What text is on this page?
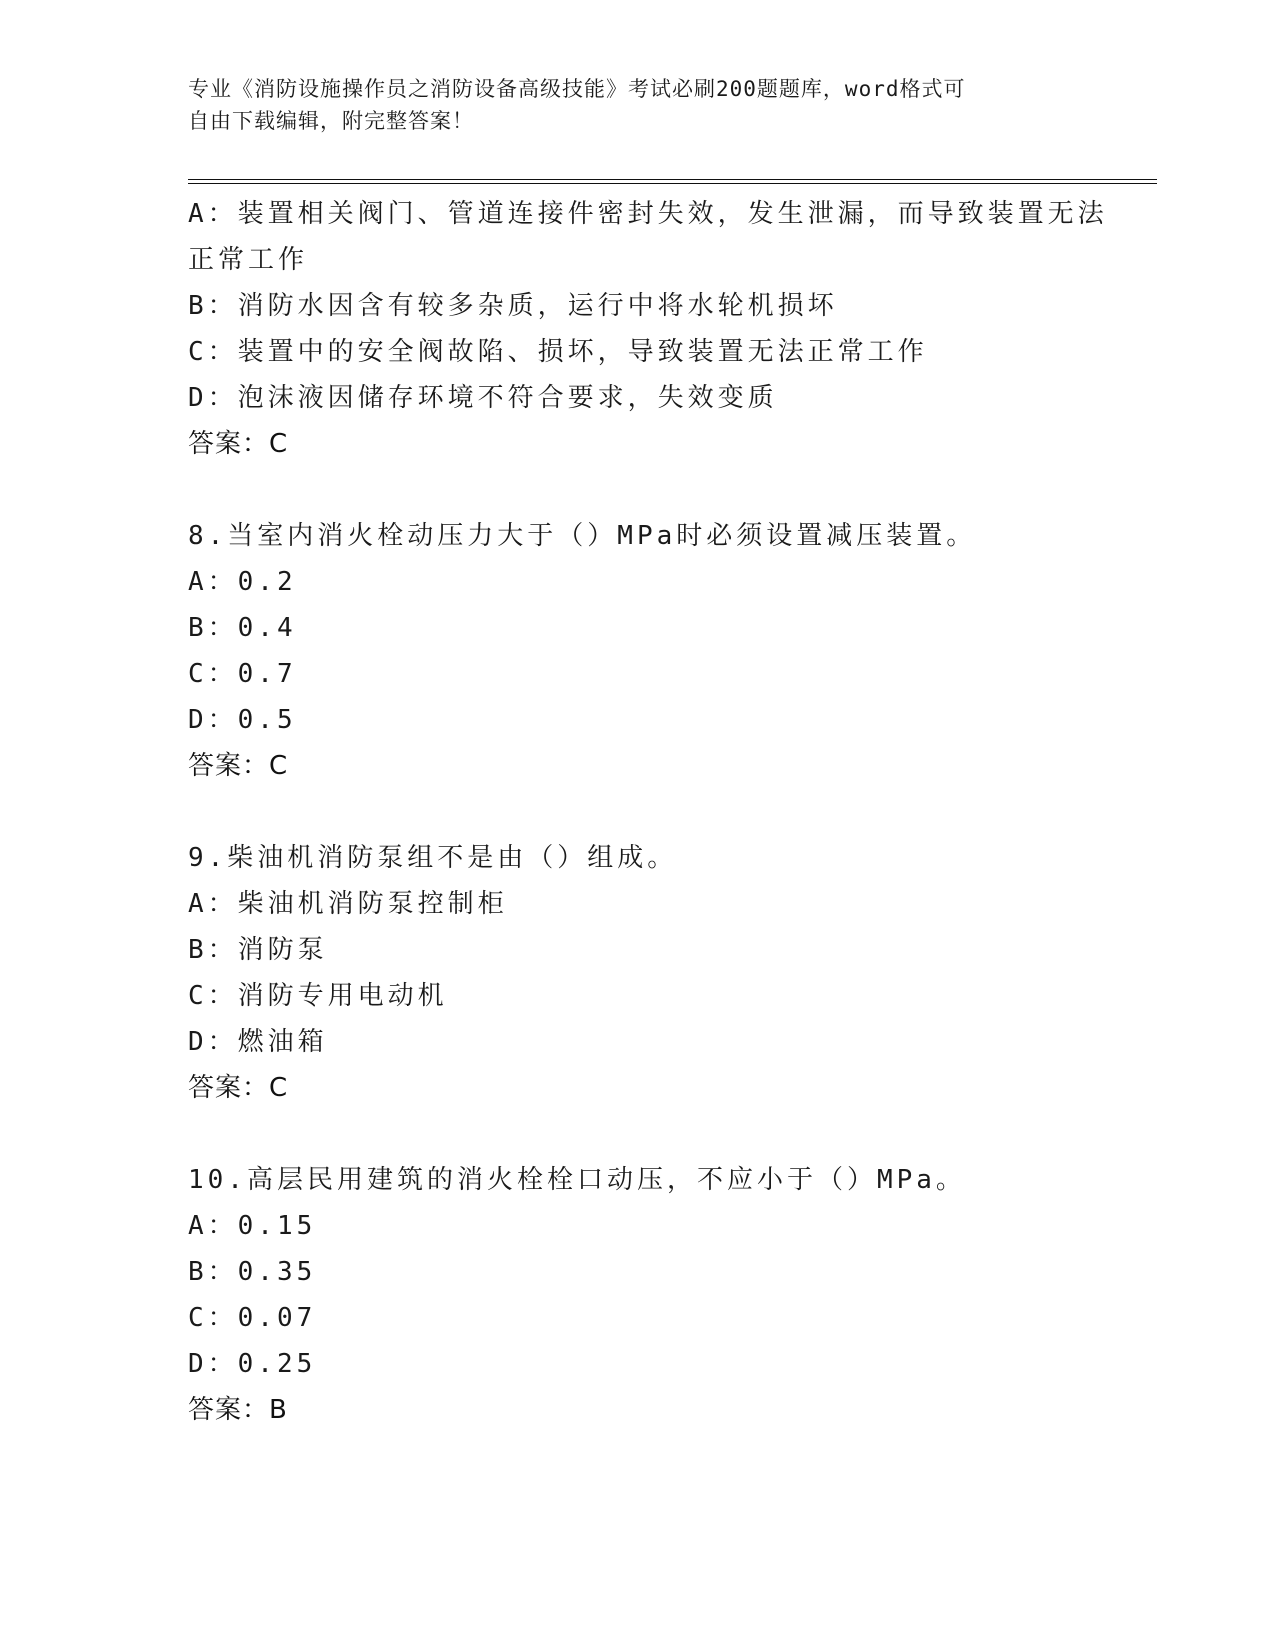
专业《消防设施操作员之消防设备高级技能》考试必刷200题题库，word格式可
自由下载编辑，附完整答案！
A：装置相关阀门、管道连接件密封失效，发生泄漏，而导致装置无法
正常工作
B：消防水因含有较多杂质，运行中将水轮机损坏
C：装置中的安全阀故陷、损坏，导致装置无法正常工作
D：泡沫液因储存环境不符合要求，失效变质
答案：C
8.当室内消火栓动压力大于（）MPa时必须设置减压装置。
A：0.2
B：0.4
C：0.7
D：0.5
答案：C
9.柴油机消防泵组不是由（）组成。
A：柴油机消防泵控制柜
B：消防泵
C：消防专用电动机
D：燃油箱
答案：C
10.高层民用建筑的消火栓栓口动压，不应小于（）MPa。
A：0.15
B：0.35
C：0.07
D：0.25
答案：B
